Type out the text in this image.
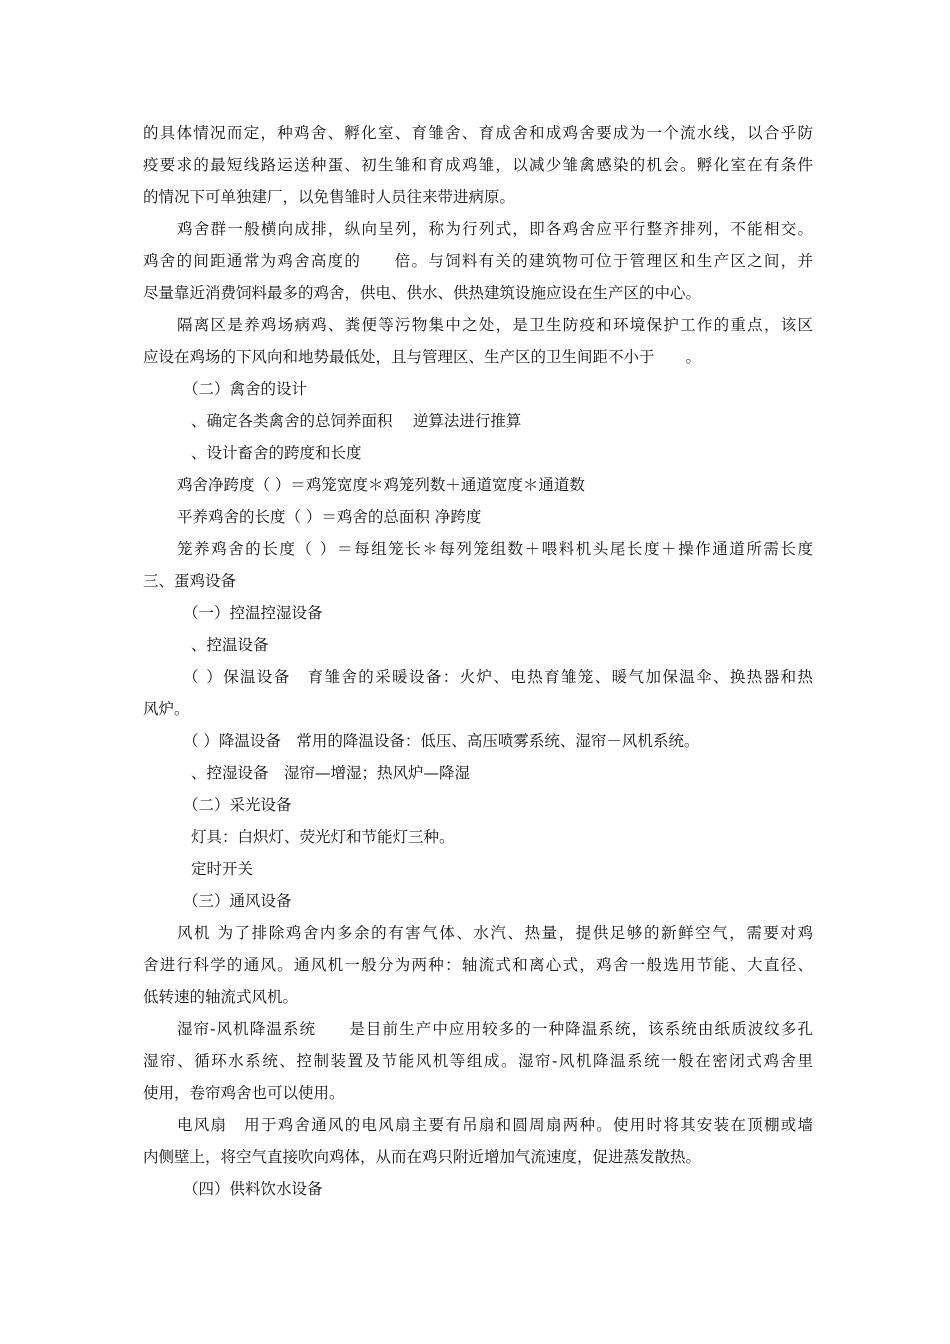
的具体情况而定，种鸡舍、孵化室、育雏舍、育成舍和成鸡舍要成为一个流水线，以合乎防
疫要求的最短线路运送种蛋、初生雏和育成鸡雏，以减少雏禽感染的机会。孵化室在有条件
的情况下可单独建厂，以免售雏时人员往来带进病原。
鸡舍群一般横向成排，纵向呈列，称为行列式，即各鸡舍应平行整齐排列，不能相交。
鸡舍的间距通常为鸡舍高度的　　倍。与饲料有关的建筑物可位于管理区和生产区之间，并
尽量靠近消费饲料最多的鸡舍，供电、供水、供热建筑设施应设在生产区的中心。
隔离区是养鸡场病鸡、粪便等污物集中之处，是卫生防疫和环境保护工作的重点，该区
应设在鸡场的下风向和地势最低处，且与管理区、生产区的卫生间距不小于　　。
（二）禽舍的设计
、确定各类禽舍的总饲养面积　 逆算法进行推算
、设计畜舍的跨度和长度
鸡舍净跨度（ ）＝鸡笼宽度＊鸡笼列数＋通道宽度＊通道数
平养鸡舍的长度（ ）＝鸡舍的总面积 净跨度
笼养鸡舍的长度（ ）＝每组笼长＊每列笼组数＋喂料机头尾长度＋操作通道所需长度
三、蛋鸡设备
（一）控温控湿设备
、控温设备
（ ）保温设备　育雏舍的采暖设备：火炉、电热育雏笼、暖气加保温伞、换热器和热
风炉。
（ ）降温设备　常用的降温设备：低压、高压喷雾系统、湿帘－风机系统。
、控湿设备　湿帘—增湿；热风炉—降湿
（二）采光设备
灯具：白炽灯、荧光灯和节能灯三种。
定时开关
（三）通风设备
风机 为了排除鸡舍内多余的有害气体、水汽、热量，提供足够的新鲜空气，需要对鸡
舍进行科学的通风。通风机一般分为两种：轴流式和离心式，鸡舍一般选用节能、大直径、
低转速的轴流式风机。
湿帘-风机降温系统　　是目前生产中应用较多的一种降温系统，该系统由纸质波纹多孔
湿帘、循环水系统、控制装置及节能风机等组成。湿帘-风机降温系统一般在密闭式鸡舍里
使用，卷帘鸡舍也可以使用。
电风扇　用于鸡舍通风的电风扇主要有吊扇和圆周扇两种。使用时将其安装在顶棚或墙
内侧壁上，将空气直接吹向鸡体，从而在鸡只附近增加气流速度，促进蒸发散热。
（四）供料饮水设备
